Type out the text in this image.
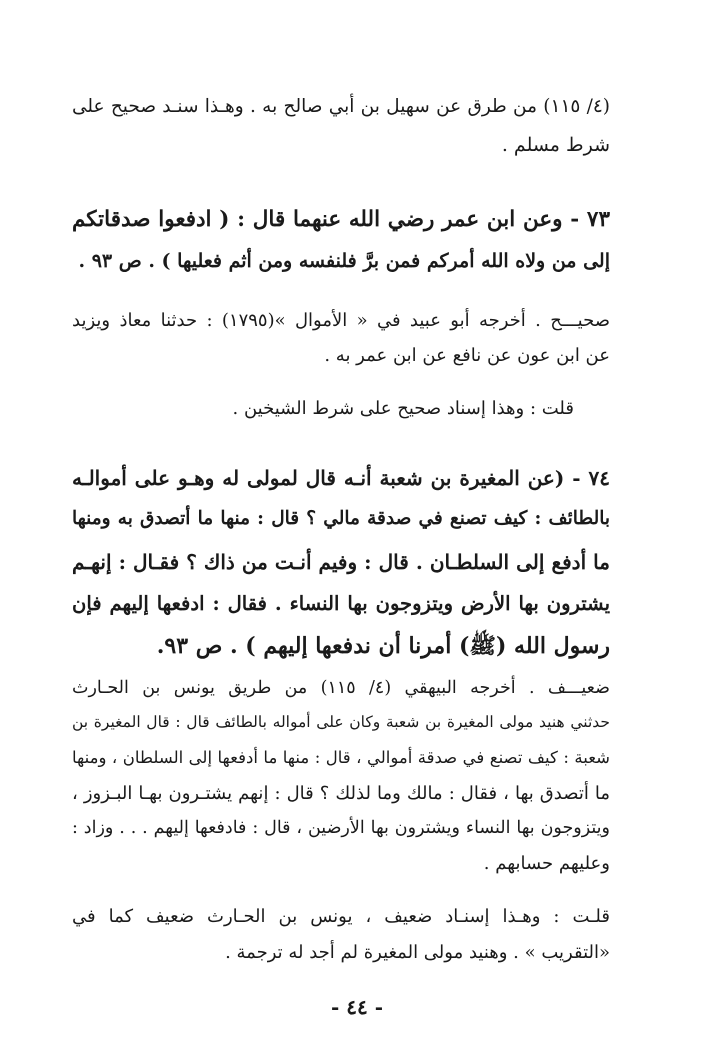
(٤/ ١١٥) من طرق عن سهيل بن أبي صالح به . وهـذا سنـد صحيح على
شرط مسلم .
٧٣ - وعن ابن عمر رضي الله عنهما قال : ( ادفعوا صدقاتكم
إلى من ولاه الله أمركم فمن برَّ فلنفسه ومن أثم فعليها ) . ص ٩٣ .
صحيـــح . أخرجه أبو عبيد في « الأموال »(١٧٩٥) : حدثنا معاذ ويزيد
عن ابن عون عن نافع عن ابن عمر به .
قلت : وهذا إسناد صحيح على شرط الشيخين .
٧٤ - (عن المغيرة بن شعبة أنـه قال لمولى له وهـو على أموالـه
بالطائف : كيف تصنع في صدقة مالي ؟ قال : منها ما أتصدق به ومنها
ما أدفع إلى السلطـان . قال : وفيم أنـت من ذاك ؟ فقـال : إنهـم
يشترون بها الأرض ويتزوجون بها النساء . فقال : ادفعها إليهم فإن
رسول الله (ﷺ) أمرنا أن ندفعها إليهم ) . ص ٩٣.
ضعيـــف . أخرجه البيهقي (٤/ ١١٥) من طريق يونس بن الحـارث
حدثني هنيد مولى المغيرة بن شعبة وكان على أمواله بالطائف قال : قال المغيرة بن
شعبة : كيف تصنع في صدقة أموالي ، قال : منها ما أدفعها إلى السلطان ، ومنها
ما أتصدق بها ، فقال : مالك وما لذلك ؟ قال : إنهم يشتـرون بهـا البـزوز ،
ويتزوجون بها النساء ويشترون بها الأرضين ، قال : فادفعها إليهم . . . وزاد :
وعليهم حسابهم .
قلـت : وهـذا إسنـاد ضعيف ، يونس بن الحـارث ضعيف كما في
«التقريب » . وهنيد مولى المغيرة لم أجد له ترجمة .
- ٤٤ -
